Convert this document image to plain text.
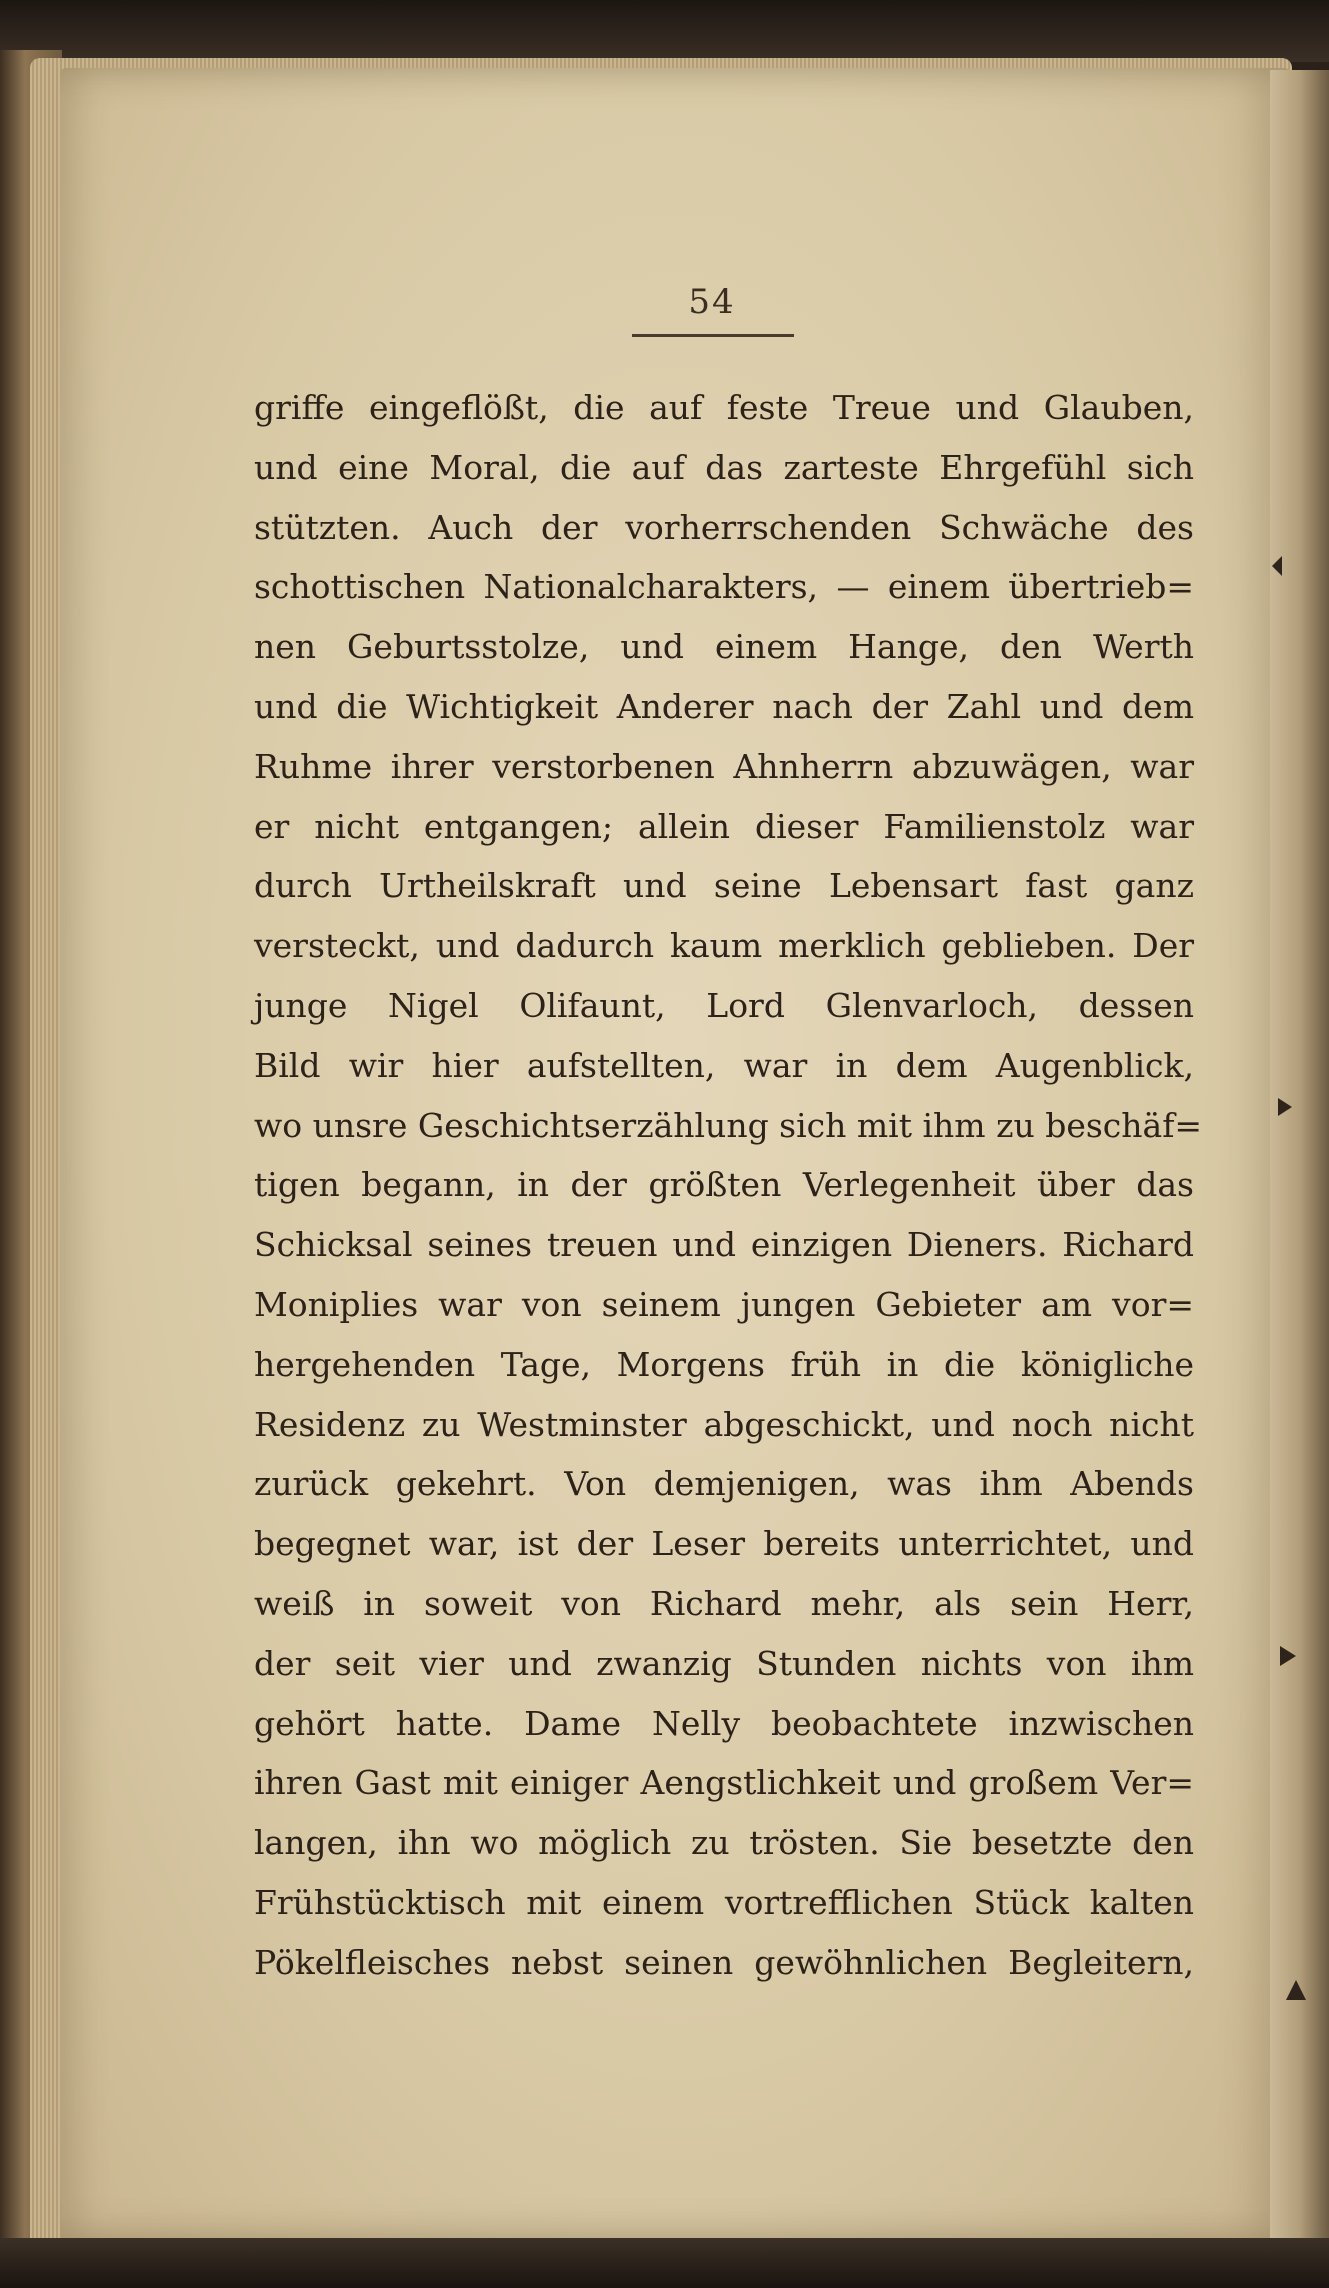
54
griffe eingeflößt, die auf feste Treue und Glauben,
und eine Moral, die auf das zarteste Ehrgefühl sich
stützten. Auch der vorherrschenden Schwäche des
schottischen Nationalcharakters, — einem übertrieb=
nen Geburtsstolze, und einem Hange, den Werth
und die Wichtigkeit Anderer nach der Zahl und dem
Ruhme ihrer verstorbenen Ahnherrn abzuwägen, war
er nicht entgangen; allein dieser Familienstolz war
durch Urtheilskraft und seine Lebensart fast ganz
versteckt, und dadurch kaum merklich geblieben. Der
junge Nigel Olifaunt, Lord Glenvarloch, dessen
Bild wir hier aufstellten, war in dem Augenblick,
wo unsre Geschichtserzählung sich mit ihm zu beschäf=
tigen begann, in der größten Verlegenheit über das
Schicksal seines treuen und einzigen Dieners. Richard
Moniplies war von seinem jungen Gebieter am vor=
hergehenden Tage, Morgens früh in die königliche
Residenz zu Westminster abgeschickt, und noch nicht
zurück gekehrt. Von demjenigen, was ihm Abends
begegnet war, ist der Leser bereits unterrichtet, und
weiß in soweit von Richard mehr, als sein Herr,
der seit vier und zwanzig Stunden nichts von ihm
gehört hatte. Dame Nelly beobachtete inzwischen
ihren Gast mit einiger Aengstlichkeit und großem Ver=
langen, ihn wo möglich zu trösten. Sie besetzte den
Frühstücktisch mit einem vortrefflichen Stück kalten
Pökelfleisches nebst seinen gewöhnlichen Begleitern,
